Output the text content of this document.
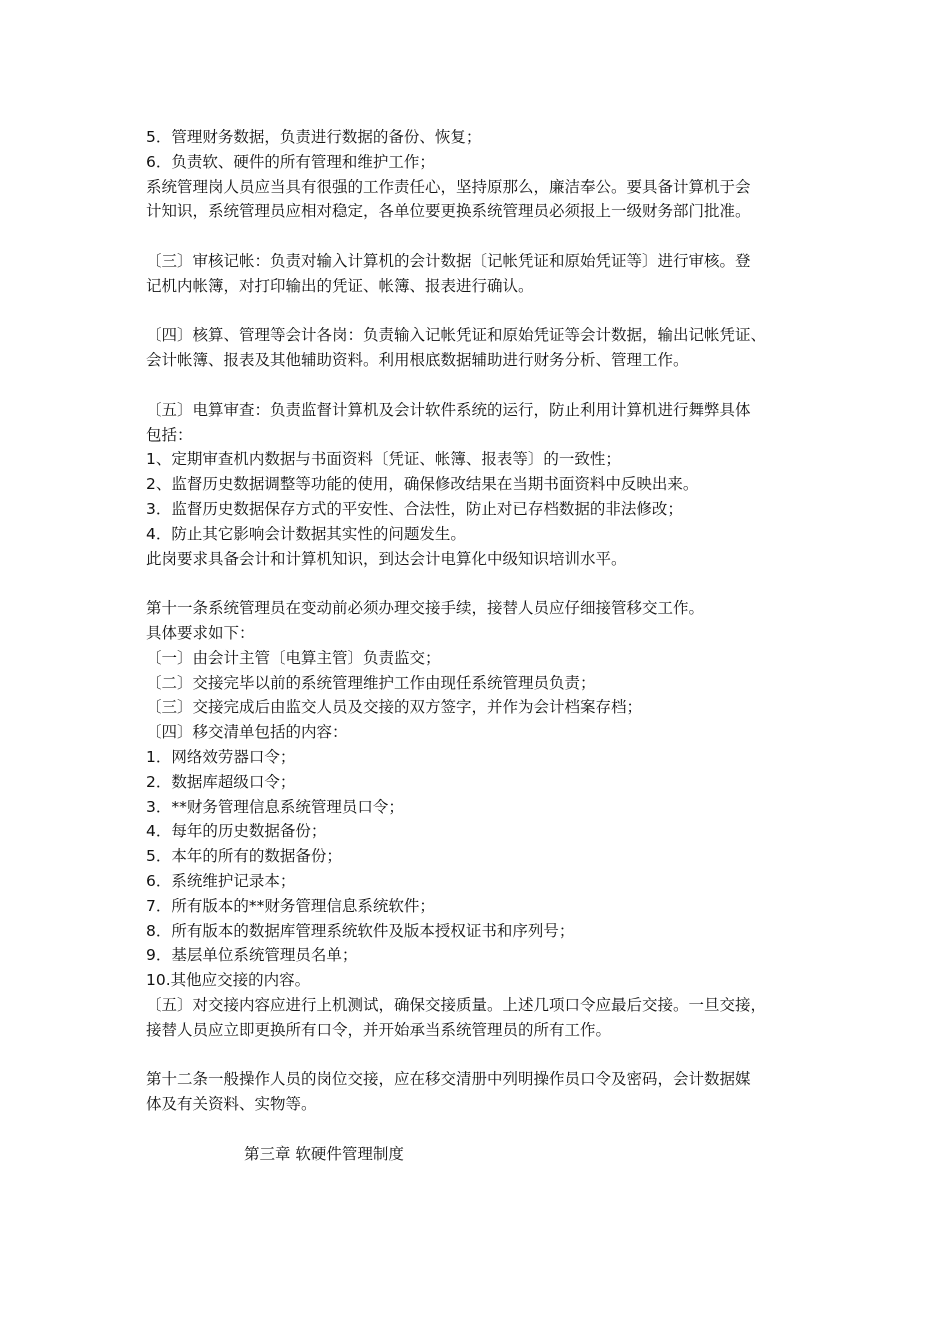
5．管理财务数据，负责进行数据的备份、恢复；
6．负责软、硬件的所有管理和维护工作；
系统管理岗人员应当具有很强的工作责任心，坚持原那么，廉洁奉公。要具备计算机于会
计知识，系统管理员应相对稳定，各单位要更换系统管理员必须报上一级财务部门批准。
〔三〕审核记帐：负责对输入计算机的会计数据〔记帐凭证和原始凭证等〕进行审核。登
记机内帐簿，对打印输出的凭证、帐簿、报表进行确认。
〔四〕核算、管理等会计各岗：负责输入记帐凭证和原始凭证等会计数据，输出记帐凭证、
会计帐簿、报表及其他辅助资料。利用根底数据辅助进行财务分析、管理工作。
〔五〕电算审查：负责监督计算机及会计软件系统的运行，防止利用计算机进行舞弊具体
包括：
1、定期审查机内数据与书面资料〔凭证、帐簿、报表等〕的一致性；
2、监督历史数据调整等功能的使用，确保修改结果在当期书面资料中反映出来。
3．监督历史数据保存方式的平安性、合法性，防止对已存档数据的非法修改；
4．防止其它影响会计数据其实性的问题发生。
此岗要求具备会计和计算机知识，到达会计电算化中级知识培训水平。
第十一条系统管理员在变动前必须办理交接手续，接替人员应仔细接管移交工作。
具体要求如下：
〔一〕由会计主管〔电算主管〕负责监交；
〔二〕交接完毕以前的系统管理维护工作由现任系统管理员负责；
〔三〕交接完成后由监交人员及交接的双方签字，并作为会计档案存档；
〔四〕移交清单包括的内容：
1．网络效劳器口令；
2．数据库超级口令；
3．**财务管理信息系统管理员口令；
4．每年的历史数据备份；
5．本年的所有的数据备份；
6．系统维护记录本；
7．所有版本的**财务管理信息系统软件；
8．所有版本的数据库管理系统软件及版本授权证书和序列号；
9．基层单位系统管理员名单；
10.其他应交接的内容。
〔五〕对交接内容应进行上机测试，确保交接质量。上述几项口令应最后交接。一旦交接，
接替人员应立即更换所有口令，并开始承当系统管理员的所有工作。
第十二条一般操作人员的岗位交接，应在移交清册中列明操作员口令及密码，会计数据媒
体及有关资料、实物等。
第三章 软硬件管理制度
